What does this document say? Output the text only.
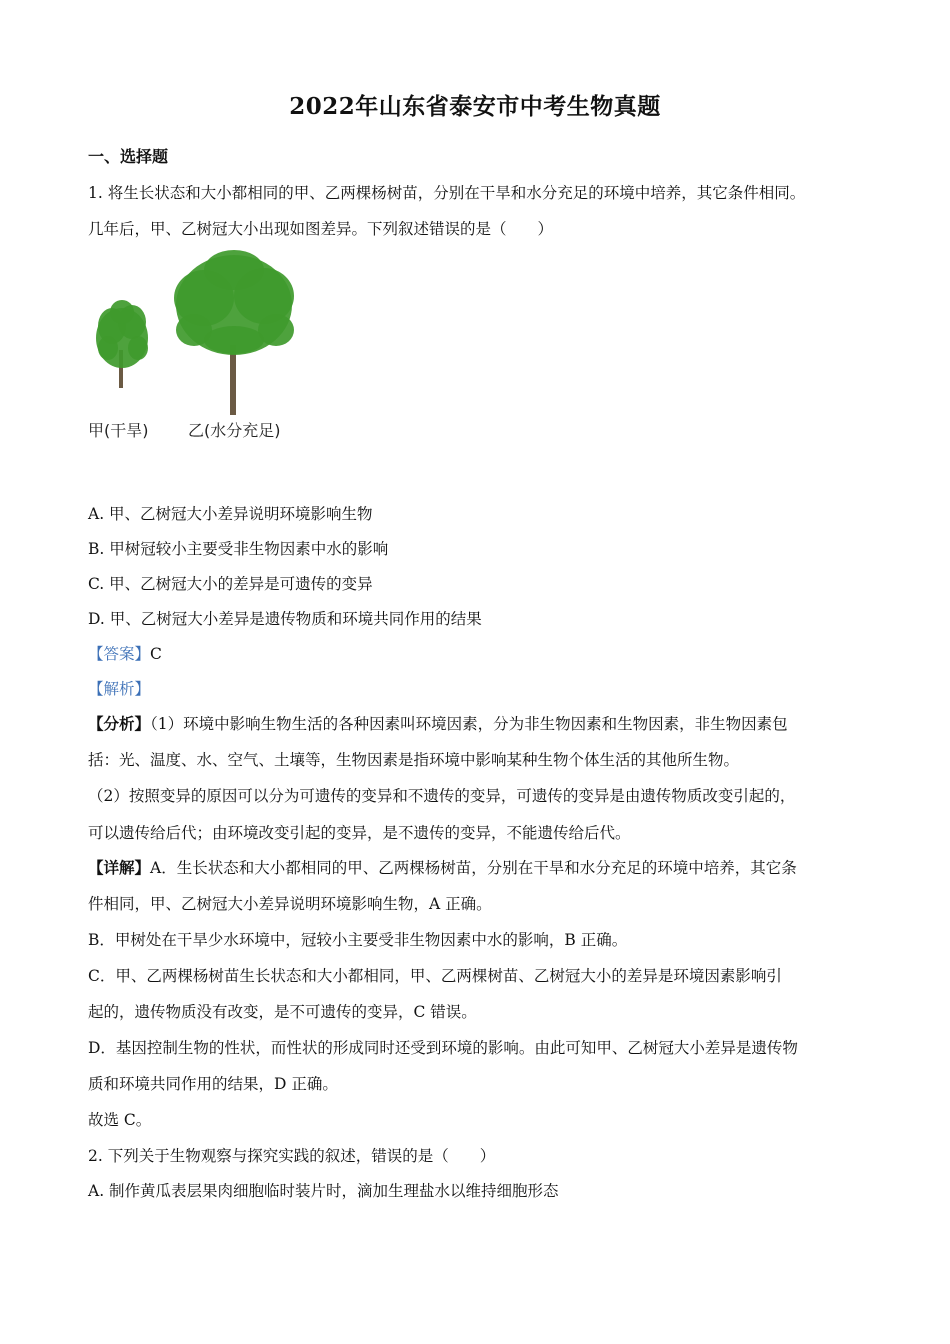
2022年山东省泰安市中考生物真题
一、选择题
1. 将生长状态和大小都相同的甲、乙两棵杨树苗，分别在干旱和水分充足的环境中培养，其它条件相同。
几年后，甲、乙树冠大小出现如图差异。下列叙述错误的是（　　）
甲(干旱) 乙(水分充足)
A. 甲、乙树冠大小差异说明环境影响生物
B. 甲树冠较小主要受非生物因素中水的影响
C. 甲、乙树冠大小的差异是可遗传的变异
D. 甲、乙树冠大小差异是遗传物质和环境共同作用的结果
【答案】C
【解析】
【分析】（1）环境中影响生物生活的各种因素叫环境因素，分为非生物因素和生物因素，非生物因素包
括：光、温度、水、空气、土壤等，生物因素是指环境中影响某种生物个体生活的其他所生物。
（2）按照变异的原因可以分为可遗传的变异和不遗传的变异，可遗传的变异是由遗传物质改变引起的，
可以遗传给后代；由环境改变引起的变异，是不遗传的变异，不能遗传给后代。
【详解】A．生长状态和大小都相同的甲、乙两棵杨树苗，分别在干旱和水分充足的环境中培养，其它条
件相同，甲、乙树冠大小差异说明环境影响生物，A 正确。
B．甲树处在干旱少水环境中，冠较小主要受非生物因素中水的影响，B 正确。
C．甲、乙两棵杨树苗生长状态和大小都相同，甲、乙两棵树苗、乙树冠大小的差异是环境因素影响引
起的，遗传物质没有改变，是不可遗传的变异，C 错误。
D．基因控制生物的性状，而性状的形成同时还受到环境的影响。由此可知甲、乙树冠大小差异是遗传物
质和环境共同作用的结果，D 正确。
故选 C。
2. 下列关于生物观察与探究实践的叙述，错误的是（　　）
A. 制作黄瓜表层果肉细胞临时装片时，滴加生理盐水以维持细胞形态
